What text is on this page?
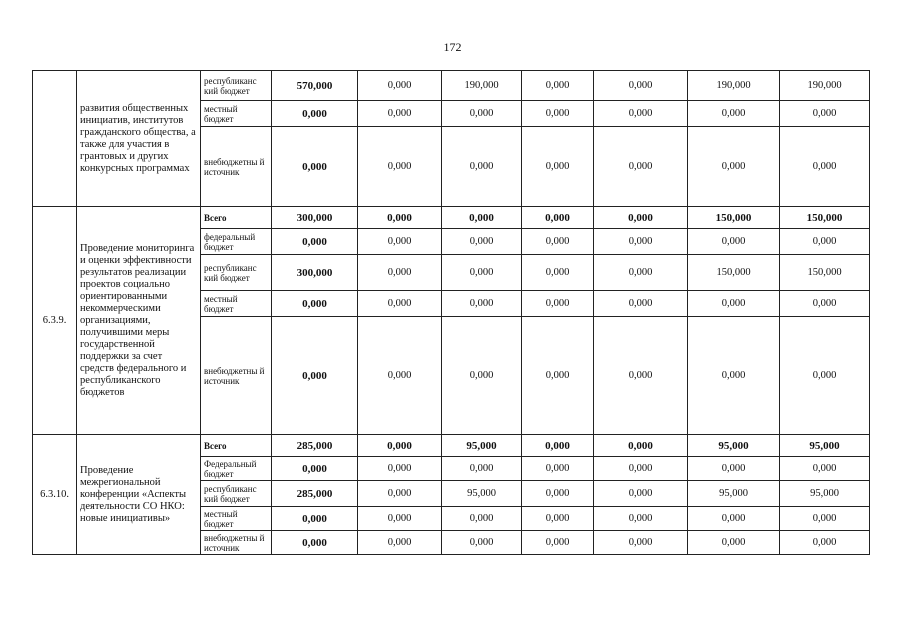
172
	развития общественных инициатив, институтов гражданского общества, а также для участия в грантовых и других конкурсных программах	республиканс кий бюджет	570,000	0,000	190,000	0,000	0,000	190,000	190,000
		местный бюджет	0,000	0,000	0,000	0,000	0,000	0,000	0,000
		внебюджетны й источник	0,000	0,000	0,000	0,000	0,000	0,000	0,000
6.3.9.	Проведение мониторинга и оценки эффективности результатов реализации проектов социально ориентированными некоммерческими организациями, получившими меры государственной поддержки за счет средств федерального и республиканского бюджетов	Всего	300,000	0,000	0,000	0,000	0,000	150,000	150,000
		федеральный бюджет	0,000	0,000	0,000	0,000	0,000	0,000	0,000
		республиканс кий бюджет	300,000	0,000	0,000	0,000	0,000	150,000	150,000
		местный бюджет	0,000	0,000	0,000	0,000	0,000	0,000	0,000
		внебюджетны й источник	0,000	0,000	0,000	0,000	0,000	0,000	0,000
6.3.10.	Проведение межрегиональной конференции «Аспекты деятельности СО НКО: новые инициативы»	Всего	285,000	0,000	95,000	0,000	0,000	95,000	95,000
		Федеральный бюджет	0,000	0,000	0,000	0,000	0,000	0,000	0,000
		республиканс кий бюджет	285,000	0,000	95,000	0,000	0,000	95,000	95,000
		местный бюджет	0,000	0,000	0,000	0,000	0,000	0,000	0,000
		внебюджетны й источник	0,000	0,000	0,000	0,000	0,000	0,000	0,000
